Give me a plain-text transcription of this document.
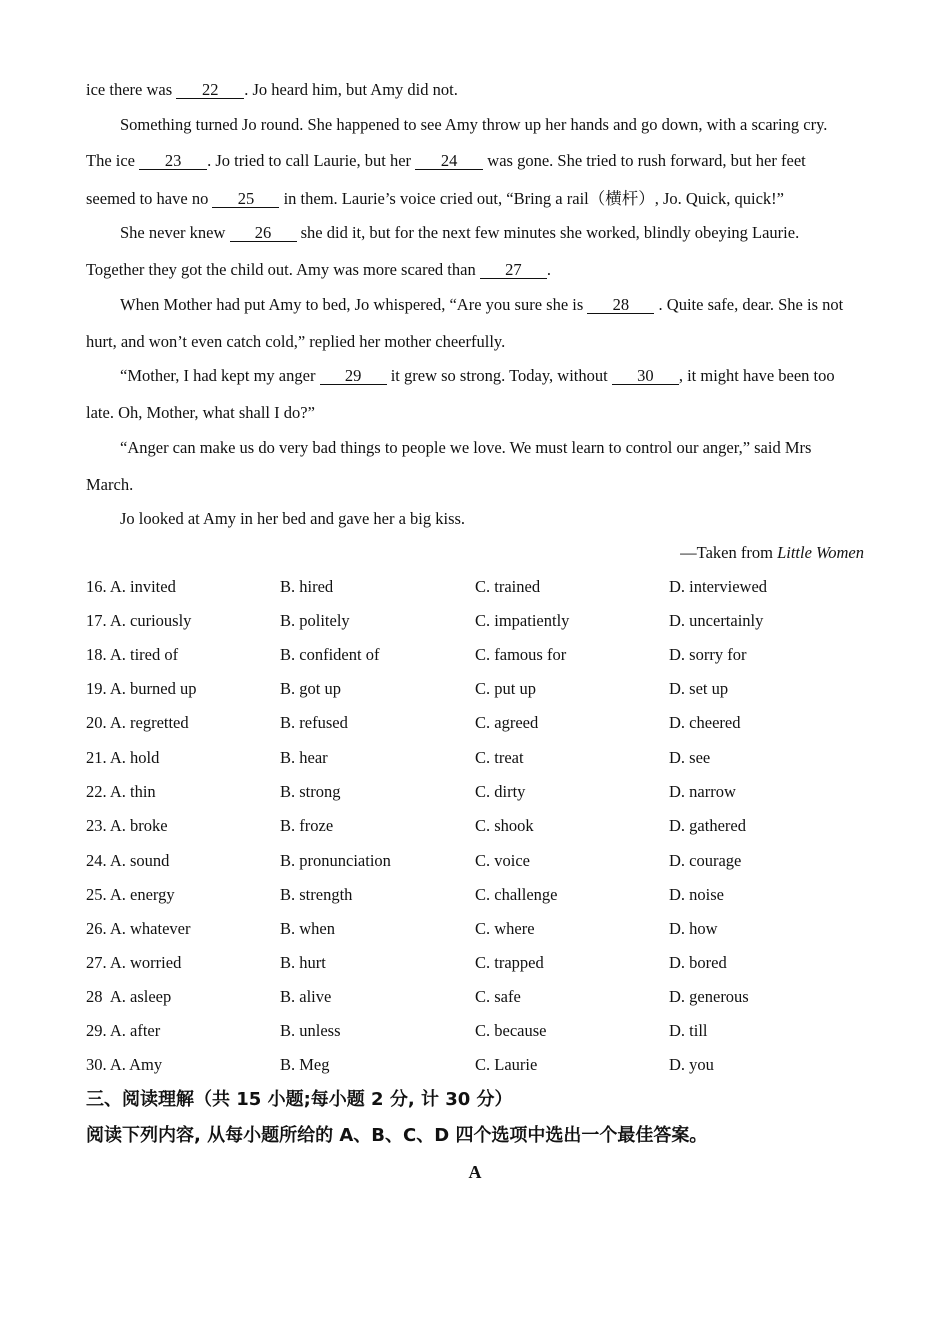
ice there was 22 . Jo heard him, but Amy did not.
Something turned Jo round. She happened to see Amy throw up her hands and go down, with a scaring cry.
The ice 23 . Jo tried to call Laurie, but her 24 was gone. She tried to rush forward, but her feet
seemed to have no 25 in them. Laurie’s voice cried out, “Bring a rail（横杆）, Jo. Quick, quick!”
She never knew 26 she did it, but for the next few minutes she worked, blindly obeying Laurie.
Together they got the child out. Amy was more scared than 27 .
When Mother had put Amy to bed, Jo whispered, “Are you sure she is 28 . Quite safe, dear. She is not
hurt, and won’t even catch cold,” replied her mother cheerfully.
“Mother, I had kept my anger 29 it grew so strong. Today, without 30 , it might have been too
late. Oh, Mother, what shall I do?”
“Anger can make us do very bad things to people we love. We must learn to control our anger,” said Mrs
March.
Jo looked at Amy in her bed and gave her a big kiss.
—Taken from Little Women
16. A. invited	B. hired	C. trained	D. interviewed
17. A. curiously	B. politely	C. impatiently	D. uncertainly
18. A. tired of	B. confident of	C. famous for	D. sorry for
19. A. burned up	B. got up	C. put up	D. set up
20. A. regretted	B. refused	C. agreed	D. cheered
21. A. hold	B. hear	C. treat	D. see
22. A. thin	B. strong	C. dirty	D. narrow
23. A. broke	B. froze	C. shook	D. gathered
24. A. sound	B. pronunciation	C. voice	D. courage
25. A. energy	B. strength	C. challenge	D. noise
26. A. whatever	B. when	C. where	D. how
27. A. worried	B. hurt	C. trapped	D. bored
28  A. asleep	B. alive	C. safe	D. generous
29. A. after	B. unless	C. because	D. till
30. A. Amy	B. Meg	C. Laurie	D. you
三、阅读理解（共 15 小题;每小题 2 分, 计 30 分）
阅读下列内容, 从每小题所给的 A、B、C、D 四个选项中选出一个最佳答案。
A
